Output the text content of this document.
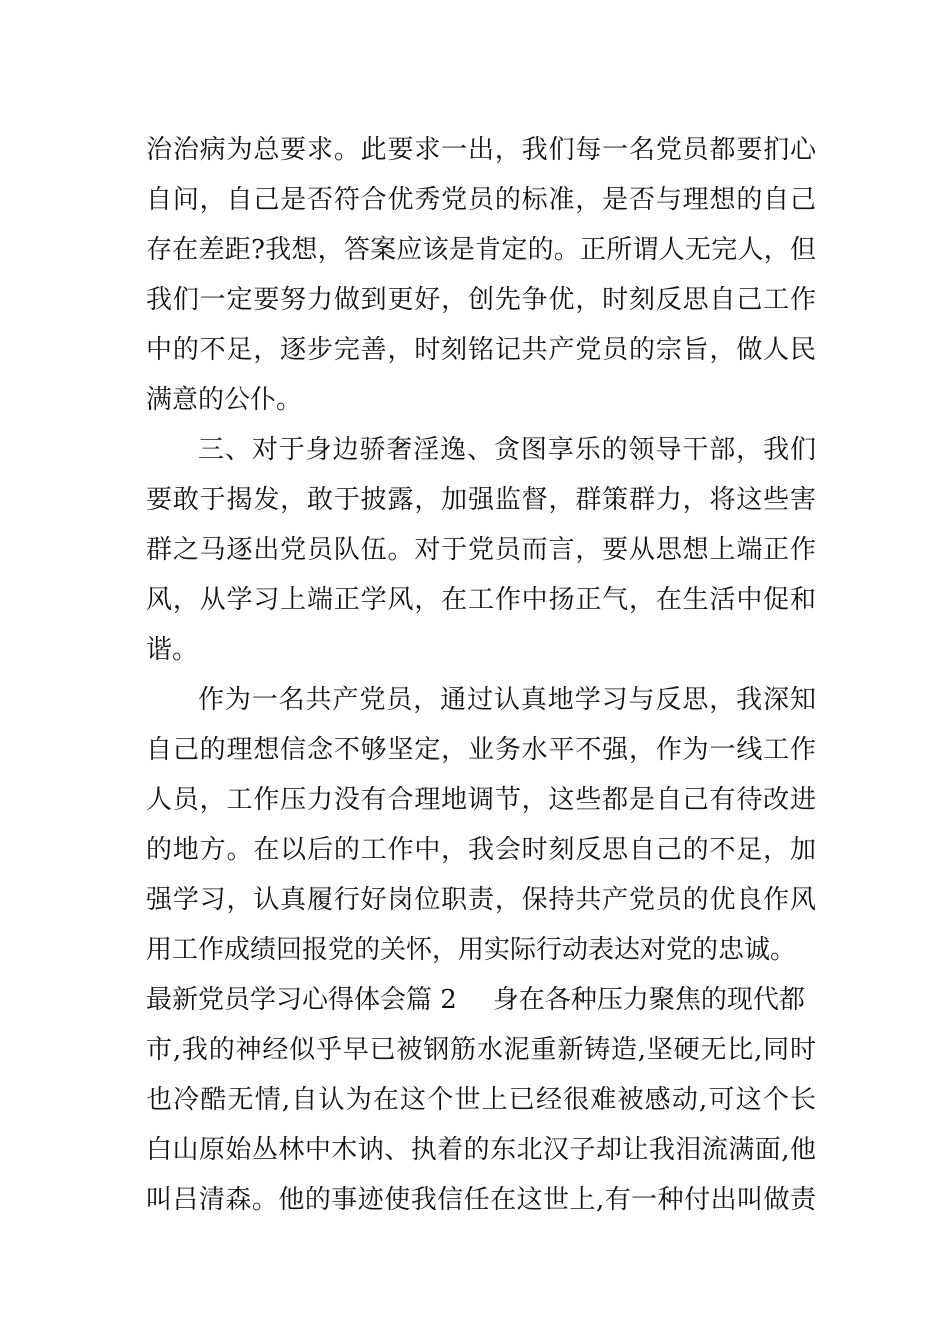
治治病为总要求。此要求一出，我们每一名党员都要扪心
自问，自己是否符合优秀党员的标准，是否与理想的自己
存在差距?我想，答案应该是肯定的。正所谓人无完人，但
我们一定要努力做到更好，创先争优，时刻反思自己工作
中的不足，逐步完善，时刻铭记共产党员的宗旨，做人民
满意的公仆。
三、对于身边骄奢淫逸、贪图享乐的领导干部，我们
要敢于揭发，敢于披露，加强监督，群策群力，将这些害
群之马逐出党员队伍。对于党员而言，要从思想上端正作
风，从学习上端正学风，在工作中扬正气，在生活中促和
谐。
作为一名共产党员，通过认真地学习与反思，我深知
自己的理想信念不够坚定，业务水平不强，作为一线工作
人员，工作压力没有合理地调节，这些都是自己有待改进
的地方。在以后的工作中，我会时刻反思自己的不足，加
强学习，认真履行好岗位职责，保持共产党员的优良作风
用工作成绩回报党的关怀，用实际行动表达对党的忠诚。
最新党员学习心得体会篇 2 身在各种压力聚焦的现代都
市,我的神经似乎早已被钢筋水泥重新铸造,坚硬无比,同时
也冷酷无情,自认为在这个世上已经很难被感动,可这个长
白山原始丛林中木讷、执着的东北汉子却让我泪流满面,他
叫吕清森。他的事迹使我信任在这世上,有一种付出叫做责
